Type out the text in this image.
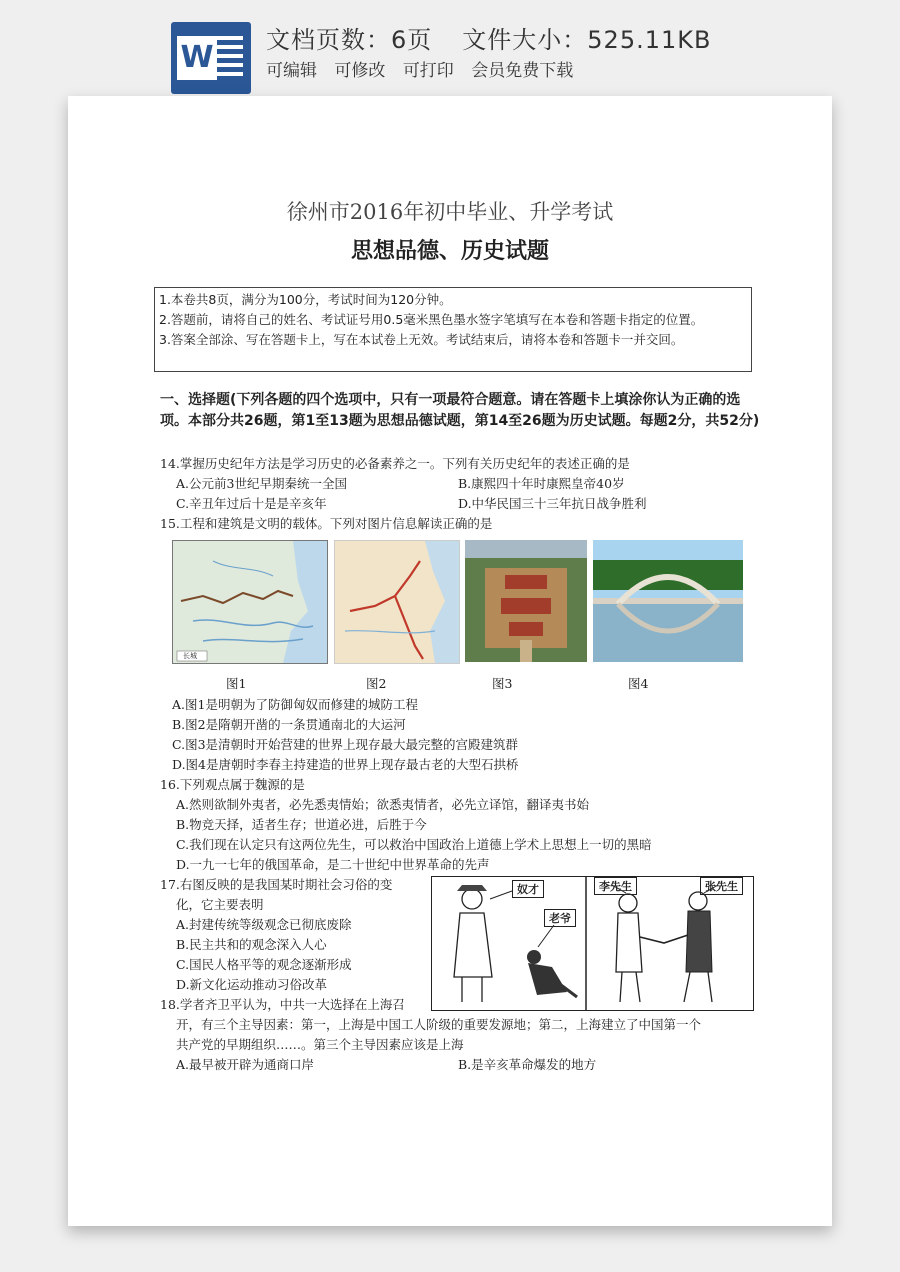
W 文档页数：6页 文件大小：525.11KB
可编辑 可修改 可打印 会员免费下载
徐州市2016年初中毕业、升学考试
思想品德、历史试题
1.本卷共8页，满分为100分，考试时间为120分钟。
2.答题前，请将自己的姓名、考试证号用0.5毫米黑色墨水签字笔填写在本卷和答题卡指定的位置。
3.答案全部涂、写在答题卡上，写在本试卷上无效。考试结束后，请将本卷和答题卡一并交回。
一、选择题(下列各题的四个选项中，只有一项最符合题意。请在答题卡上填涂你认为正确的选项。本部分共26题，第1至13题为思想品德试题，第14至26题为历史试题。每题2分，共52分)
14.掌握历史纪年方法是学习历史的必备素养之一。下列有关历史纪年的表述正确的是
A.公元前3世纪早期秦统一全国	B.康熙四十年时康熙皇帝40岁
C.辛丑年过后十是是辛亥年	D.中华民国三十三年抗日战争胜利
15.工程和建筑是文明的载体。下列对图片信息解读正确的是
长城
图1	图2	图3	图4
A.图1是明朝为了防御匈奴而修建的城防工程
B.图2是隋朝开凿的一条贯通南北的大运河
C.图3是清朝时开始营建的世界上现存最大最完整的宫殿建筑群
D.图4是唐朝时李春主持建造的世界上现存最古老的大型石拱桥
16.下列观点属于魏源的是
A.然则欲制外夷者，必先悉夷情始；欲悉夷情者，必先立译馆，翻译夷书始
B.物竞天择，适者生存；世道必进，后胜于今
C.我们现在认定只有这两位先生，可以救治中国政治上道德上学术上思想上一切的黑暗
D.一九一七年的俄国革命，是二十世纪中世界革命的先声
17.右图反映的是我国某时期社会习俗的变
化，它主要表明
A.封建传统等级观念已彻底废除
B.民主共和的观念深入人心
C.国民人格平等的观念逐渐形成
D.新文化运动推动习俗改革
奴才
老爷
李先生	张先生
18.学者齐卫平认为，中共一大选择在上海召
开，有三个主导因素：第一，上海是中国工人阶级的重要发源地；第二，上海建立了中国第一个
共产党的早期组织……。第三个主导因素应该是上海
A.最早被开辟为通商口岸	B.是辛亥革命爆发的地方
